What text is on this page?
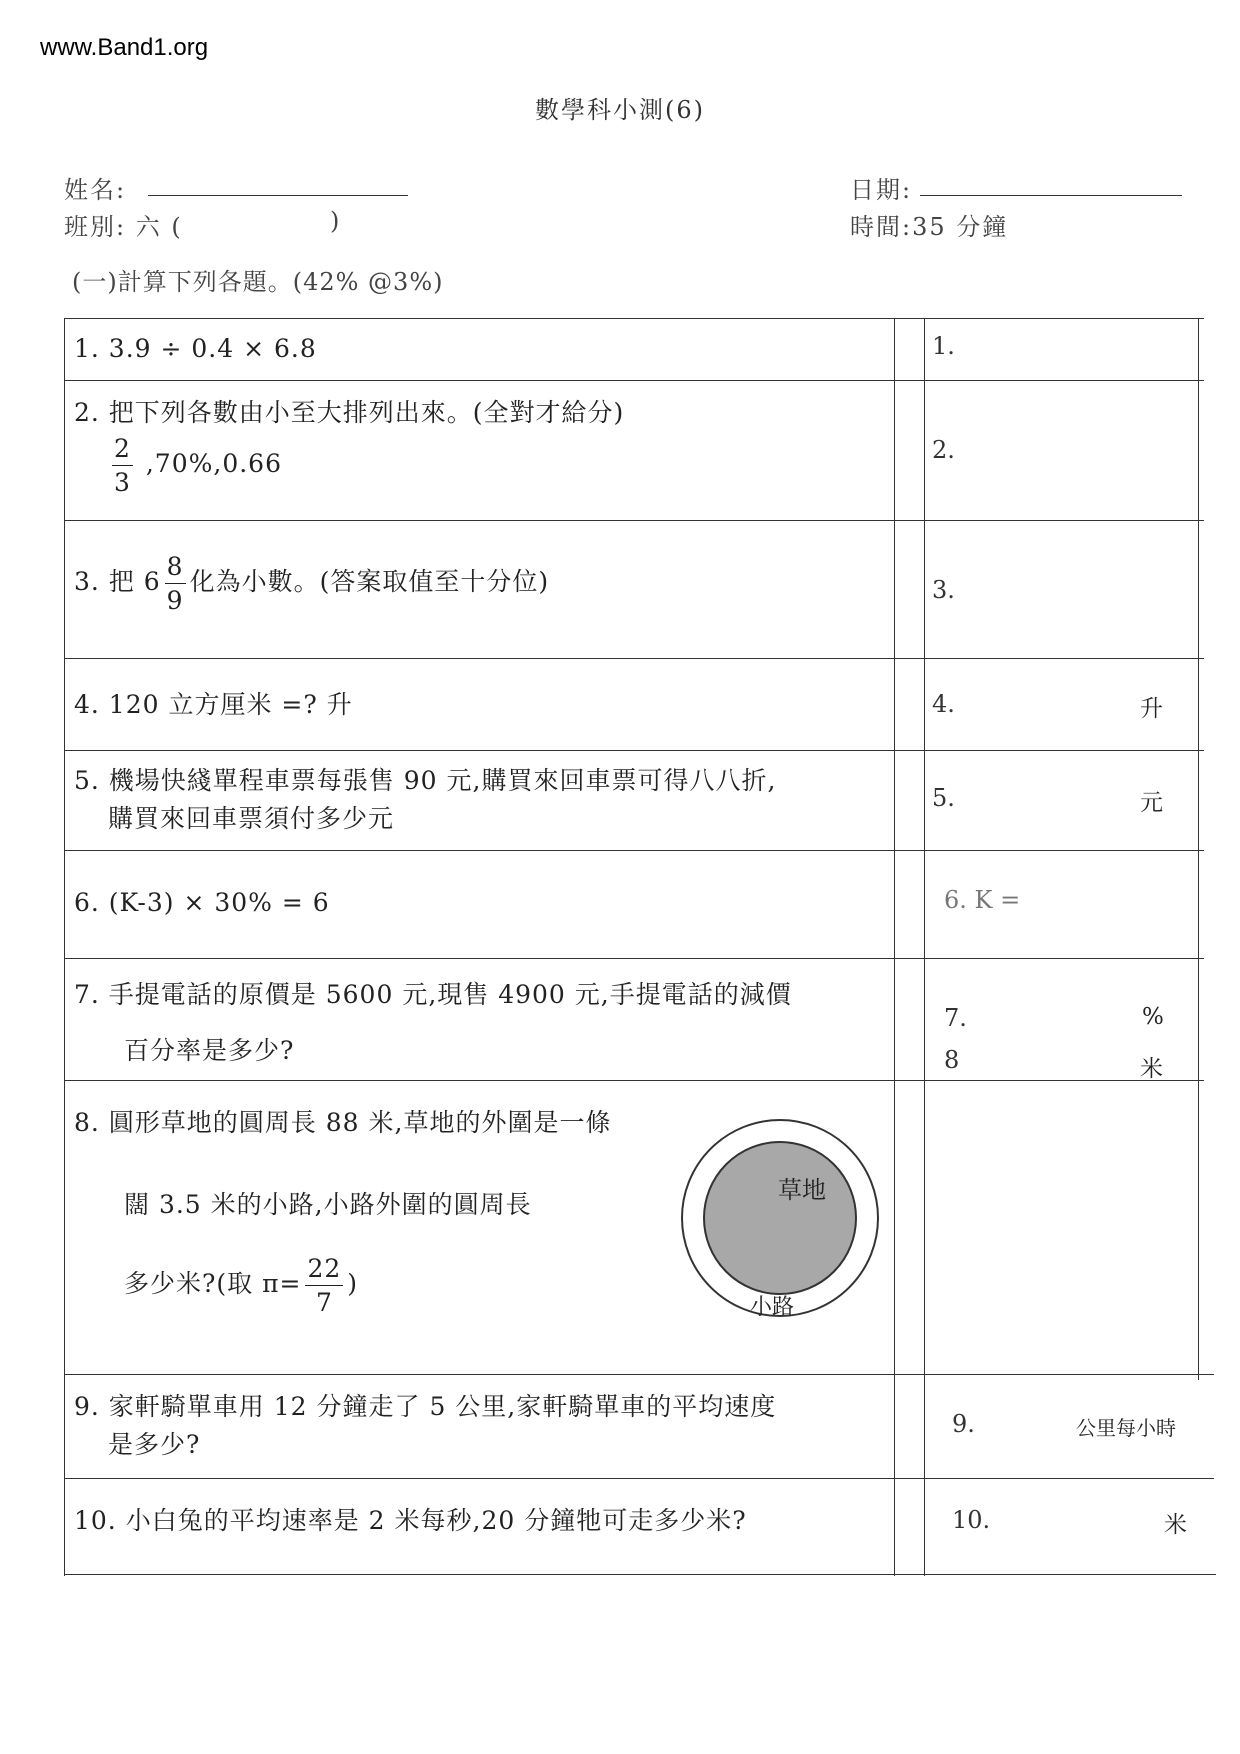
www.Band1.org
數學科小測(6)
姓名:
班別: 六 (	)
日期:
時間:35 分鐘
(一)計算下列各題。(42% @3%)
1. 3.9 ÷ 0.4 × 6.8	1.
2. 把下列各數由小至大排列出來。(全對才給分)
$\frac{2}{3} ,70\%,0.66$	2.
3. 把 $6 \frac{8}{9}$ 化為小數。(答案取值至十分位)	3.
4. 120 立方厘米 =? 升	4.	升
5. 機場快綫單程車票每張售 90 元,購買來回車票可得八八折,
購買來回車票須付多少元
5.	元
6. (K-3) × 30% = 6	6. K =
7. 手提電話的原價是 5600 元,現售 4900 元,手提電話的減價
百分率是多少?
7.	%
8. 圓形草地的圓周長 88 米,草地的外圍是一條
闊 3.5 米的小路,小路外圍的圓周長
多少米?(取 $\pi= \frac{22}{7}$ )
草地
小路
8	米
9. 家軒騎單車用 12 分鐘走了 5 公里,家軒騎單車的平均速度
是多少?
9.	公里每小時
10. 小白兔的平均速率是 2 米每秒,20 分鐘牠可走多少米?	10.	米
